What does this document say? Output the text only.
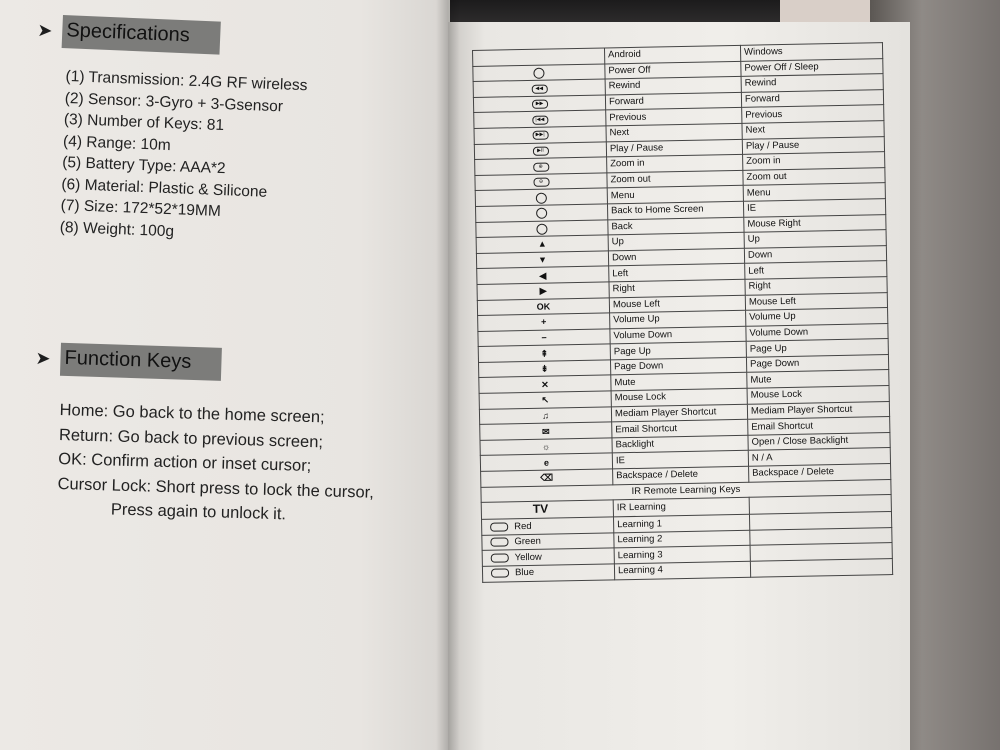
➤ Specifications
(1) Transmission: 2.4G RF wireless
(2) Sensor: 3-Gyro + 3-Gsensor
(3) Number of Keys: 81
(4) Range: 10m
(5) Battery Type: AAA*2
(6) Material: Plastic & Silicone
(7) Size: 172*52*19MM
(8) Weight: 100g
➤ Function Keys
Home: Go back to the home screen;
Return: Go back to previous screen;
OK: Confirm action or inset cursor;
Cursor Lock: Short press to lock the cursor,
Press again to unlock it.
	Android	Windows
	Power Off	Power Off / Sleep
◀◀	Rewind	Rewind
▶▶	Forward	Forward
|◀◀	Previous	Previous
▶▶|	Next	Next
▶II	Play / Pause	Play / Pause
⊕	Zoom in	Zoom in
⊖	Zoom out	Zoom out
	Menu	Menu
	Back to Home Screen	IE
	Back	Mouse Right
▲	Up	Up
▼	Down	Down
◀	Left	Left
▶	Right	Right
OK	Mouse Left	Mouse Left
+	Volume Up	Volume Up
−	Volume Down	Volume Down
⇞	Page Up	Page Up
⇟	Page Down	Page Down
✕	Mute	Mute
↖	Mouse Lock	Mouse Lock
♫	Mediam Player Shortcut	Mediam Player Shortcut
✉	Email Shortcut	Email Shortcut
☼	Backlight	Open / Close Backlight
e	IE	N / A
⌫	Backspace / Delete	Backspace / Delete
IR Remote Learning Keys		
TV	IR Learning	
Red	Learning 1	
Green	Learning 2	
Yellow	Learning 3	
Blue	Learning 4	
